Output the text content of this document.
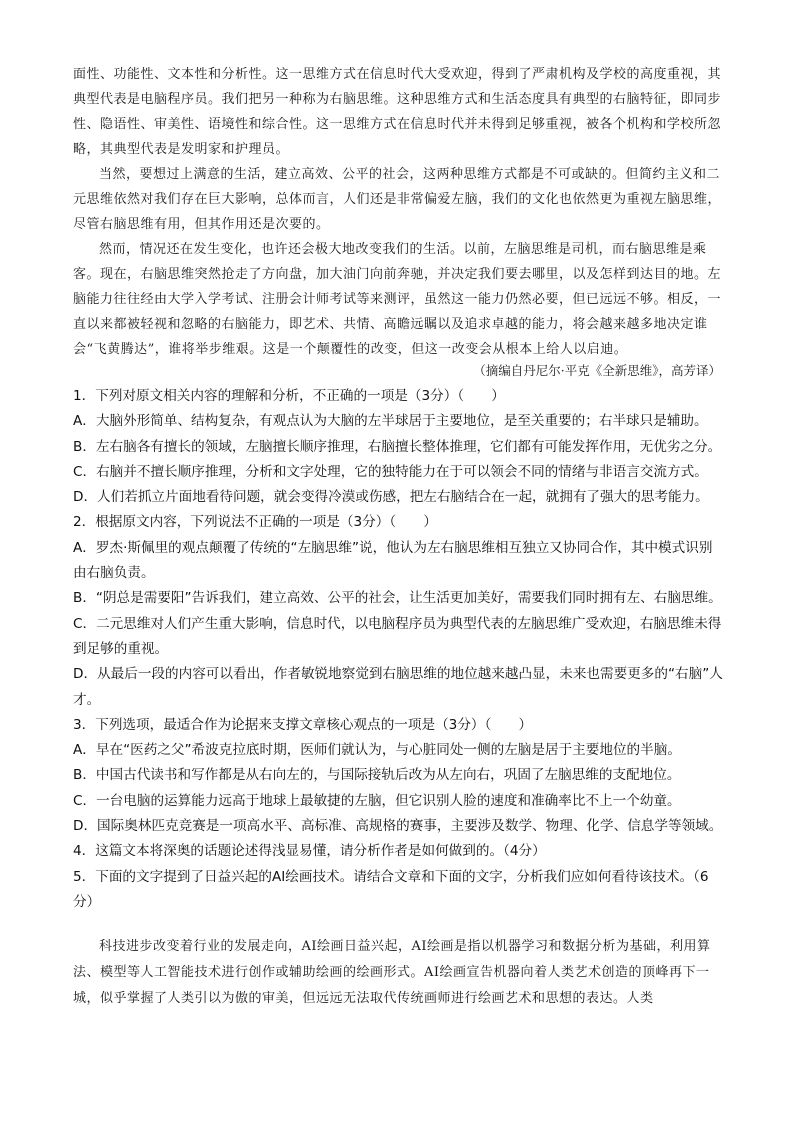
面性、功能性、文本性和分析性。这一思维方式在信息时代大受欢迎，得到了严肃机构及学校的高度重视，其典型代表是电脑程序员。我们把另一种称为右脑思维。这种思维方式和生活态度具有典型的右脑特征，即同步性、隐语性、审美性、语境性和综合性。这一思维方式在信息时代并未得到足够重视，被各个机构和学校所忽略，其典型代表是发明家和护理员。

当然，要想过上满意的生活，建立高效、公平的社会，这两种思维方式都是不可或缺的。但简约主义和二元思维依然对我们存在巨大影响，总体而言，人们还是非常偏爱左脑，我们的文化也依然更为重视左脑思维，尽管右脑思维有用，但其作用还是次要的。

然而，情况还在发生变化，也许还会极大地改变我们的生活。以前，左脑思维是司机，而右脑思维是乘客。现在，右脑思维突然抢走了方向盘，加大油门向前奔驰，并决定我们要去哪里，以及怎样到达目的地。左脑能力往往经由大学入学考试、注册会计师考试等来测评，虽然这一能力仍然必要，但已远远不够。相反，一直以来都被轻视和忽略的右脑能力，即艺术、共情、高瞻远瞩以及追求卓越的能力，将会越来越多地决定谁会“飞黄腾达”，谁将举步维艰。这是一个颠覆性的改变，但这一改变会从根本上给人以启迪。

（摘编自丹尼尔·平克《全新思维》，高芳译）

1．下列对原文相关内容的理解和分析，不正确的一项是（3分）（　　）

A．大脑外形简单、结构复杂，有观点认为大脑的左半球居于主要地位，是至关重要的；右半球只是辅助。

B．左右脑各有擅长的领域，左脑擅长顺序推理，右脑擅长整体推理，它们都有可能发挥作用，无优劣之分。

C．右脑并不擅长顺序推理，分析和文字处理，它的独特能力在于可以领会不同的情绪与非语言交流方式。

D．人们若抓立片面地看待问题，就会变得冷漠或伤感，把左右脑结合在一起，就拥有了强大的思考能力。

2．根据原文内容，下列说法不正确的一项是（3分）（　　）

A．罗杰·斯佩里的观点颠覆了传统的“左脑思维”说，他认为左右脑思维相互独立又协同合作，其中模式识别由右脑负责。

B．“阴总是需要阳”告诉我们，建立高效、公平的社会，让生活更加美好，需要我们同时拥有左、右脑思维。

C．二元思维对人们产生重大影响，信息时代，以电脑程序员为典型代表的左脑思维广受欢迎，右脑思维未得到足够的重视。

D．从最后一段的内容可以看出，作者敏锐地察觉到右脑思维的地位越来越凸显，未来也需要更多的“右脑”人才。

3．下列选项，最适合作为论据来支撑文章核心观点的一项是（3分）（　　）

A．早在“医药之父”希波克拉底时期，医师们就认为，与心脏同处一侧的左脑是居于主要地位的半脑。

B．中国古代读书和写作都是从右向左的，与国际接轨后改为从左向右，巩固了左脑思维的支配地位。

C．一台电脑的运算能力远高于地球上最敏捷的左脑，但它识别人脸的速度和准确率比不上一个幼童。

D．国际奥林匹克竞赛是一项高水平、高标准、高规格的赛事，主要涉及数学、物理、化学、信息学等领域。

4．这篇文本将深奥的话题论述得浅显易懂，请分析作者是如何做到的。（4分）

5．下面的文字提到了日益兴起的AI绘画技术。请结合文章和下面的文字，分析我们应如何看待该技术。（6分）

科技进步改变着行业的发展走向，AI绘画日益兴起，AI绘画是指以机器学习和数据分析为基础，利用算法、模型等人工智能技术进行创作或辅助绘画的绘画形式。AI绘画宣告机器向着人类艺术创造的顶峰再下一城，似乎掌握了人类引以为傲的审美，但远远无法取代传统画师进行绘画艺术和思想的表达。人类
